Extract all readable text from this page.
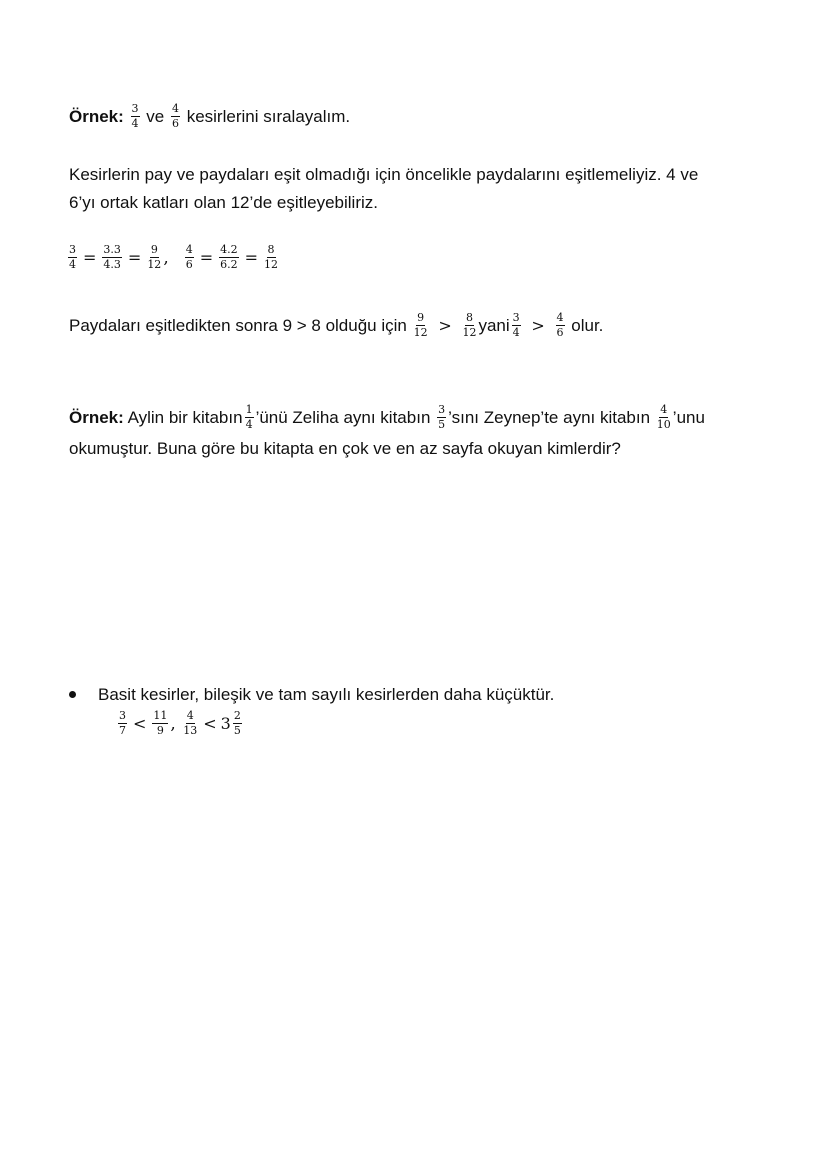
Örnek: $\frac{3}{4}$ ve $\frac{4}{6}$ kesirlerini sıralayalım.
Kesirlerin pay ve paydaları eşit olmadığı için öncelikle paydalarını eşitlemeliyiz. 4 ve
6’yı ortak katları olan 12’de eşitleyebiliriz.
$\frac{3}{4} = \frac{3.3}{4.3} = \frac{9}{12}$ , $\frac{4}{6} = \frac{4.2}{6.2} = \frac{8}{12}$
Paydaları eşitledikten sonra 9 > 8 olduğu için $\frac{9}{12} > \frac{8}{12}$ yani $\frac{3}{4} > \frac{4}{6}$ olur.
Örnek: Aylin bir kitabın $\frac{1}{4}$ ’ünü Zeliha aynı kitabın $\frac{3}{5}$ ’sını Zeynep’te aynı kitabın $\frac{4}{10}$ ’unu
okumuştur. Buna göre bu kitapta en çok ve en az sayfa okuyan kimlerdir?
Basit kesirler, bileşik ve tam sayılı kesirlerden daha küçüktür.
$\frac{3}{7} < \frac{11}{9}$ , $\frac{4}{13} < 3 \frac{2}{5}$
